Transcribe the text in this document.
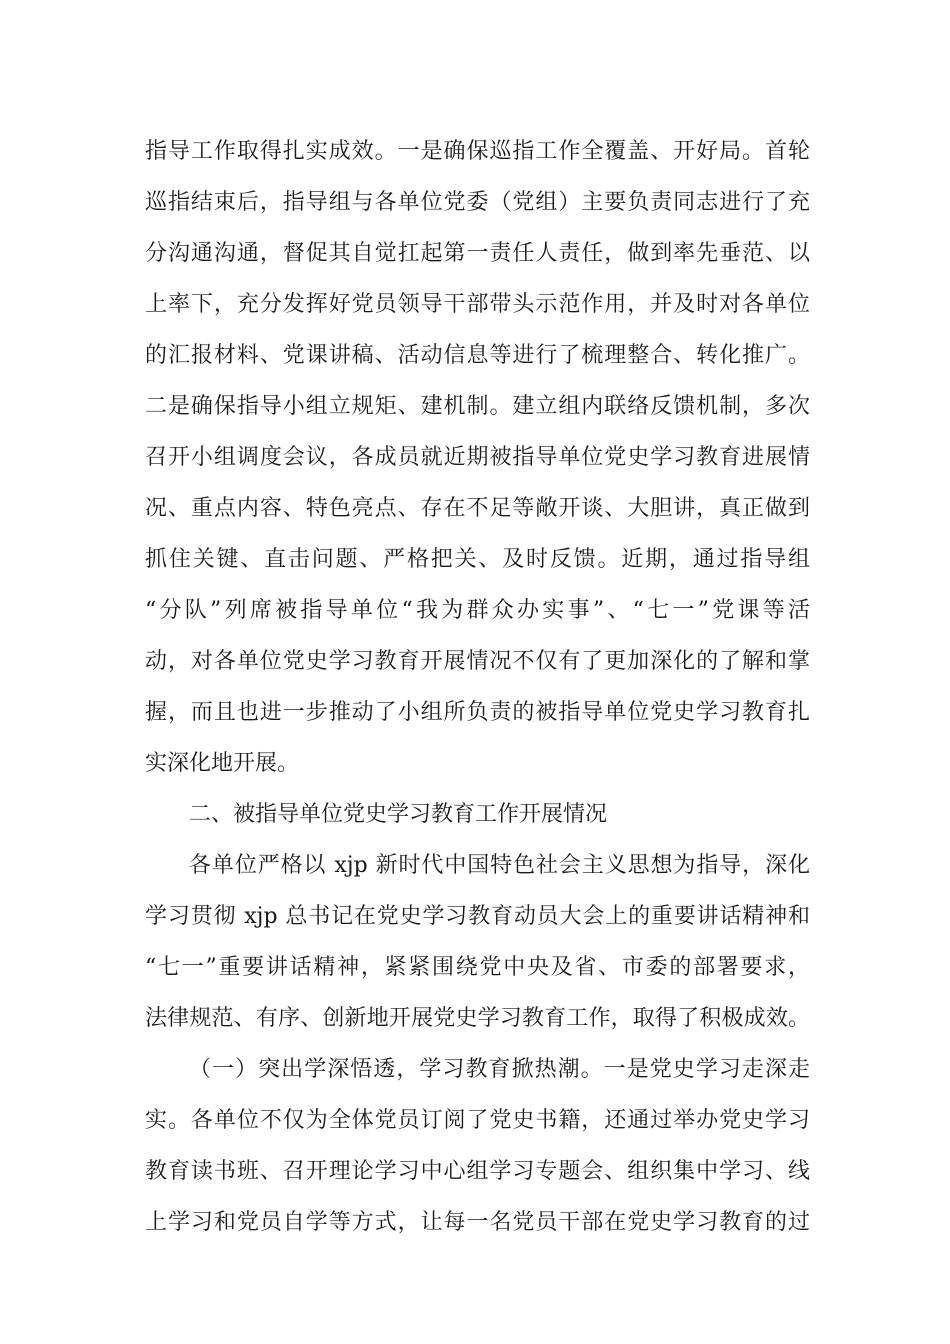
指导工作取得扎实成效。一是确保巡指工作全覆盖、开好局。首轮
巡指结束后，指导组与各单位党委（党组）主要负责同志进行了充
分沟通沟通，督促其自觉扛起第一责任人责任，做到率先垂范、以
上率下，充分发挥好党员领导干部带头示范作用，并及时对各单位
的汇报材料、党课讲稿、活动信息等进行了梳理整合、转化推广。
二是确保指导小组立规矩、建机制。建立组内联络反馈机制，多次
召开小组调度会议，各成员就近期被指导单位党史学习教育进展情
况、重点内容、特色亮点、存在不足等敞开谈、大胆讲，真正做到
抓住关键、直击问题、严格把关、及时反馈。近期，通过指导组
“分队”列席被指导单位“我为群众办实事”、“七一”党课等活
动，对各单位党史学习教育开展情况不仅有了更加深化的了解和掌
握，而且也进一步推动了小组所负责的被指导单位党史学习教育扎
实深化地开展。
二、被指导单位党史学习教育工作开展情况
各单位严格以 xjp 新时代中国特色社会主义思想为指导，深化
学习贯彻 xjp 总书记在党史学习教育动员大会上的重要讲话精神和
“七一”重要讲话精神，紧紧围绕党中央及省、市委的部署要求，
法律规范、有序、创新地开展党史学习教育工作，取得了积极成效。
（一）突出学深悟透，学习教育掀热潮。一是党史学习走深走
实。各单位不仅为全体党员订阅了党史书籍，还通过举办党史学习
教育读书班、召开理论学习中心组学习专题会、组织集中学习、线
上学习和党员自学等方式，让每一名党员干部在党史学习教育的过
